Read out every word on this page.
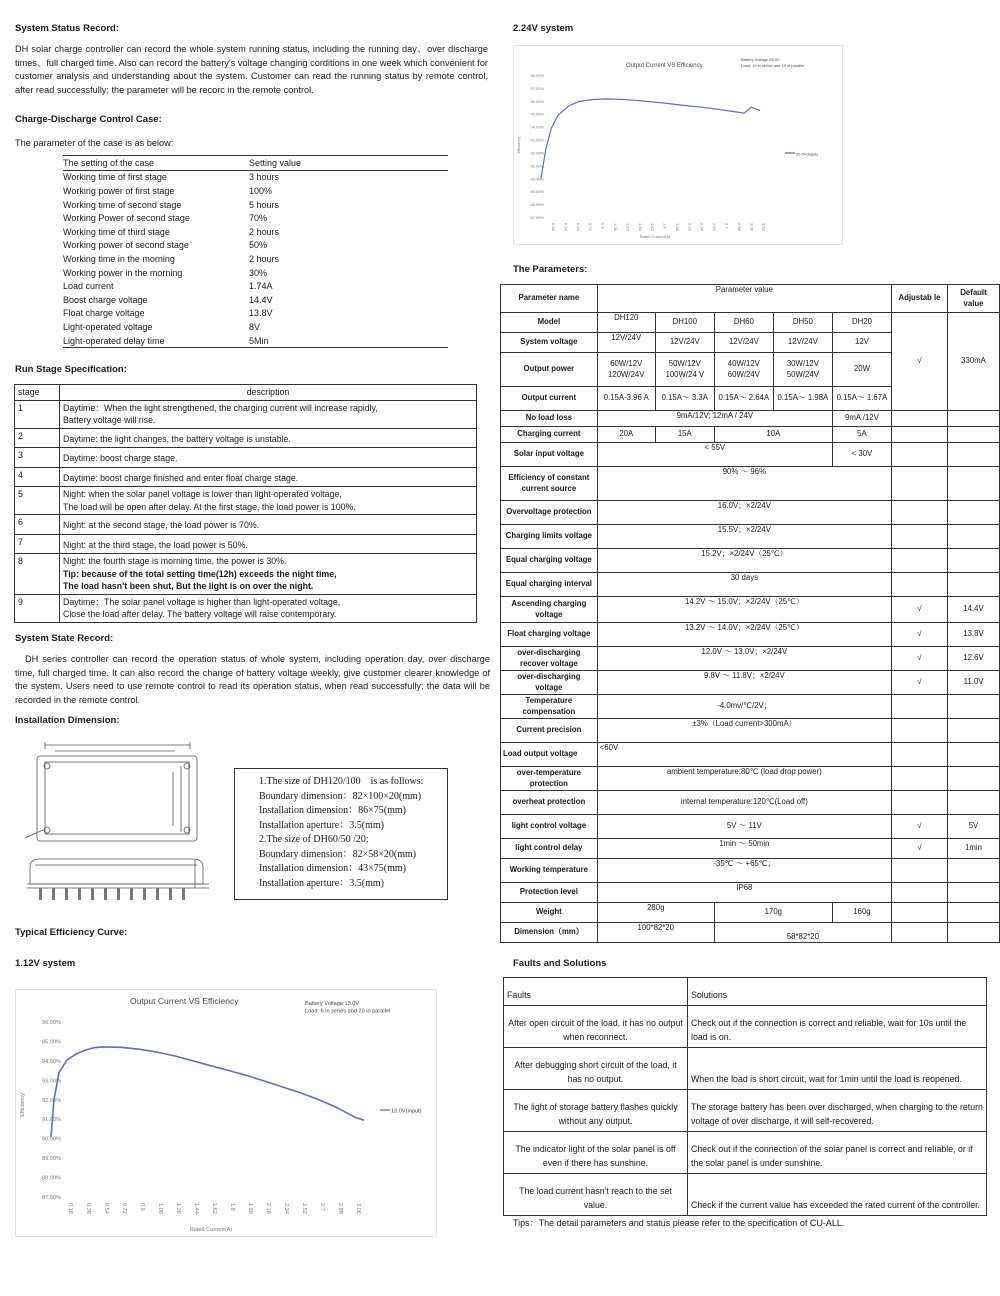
System Status Record:
DH solar charge controller can record the whole system running status, including the running day、over discharge times、full charged time. Also can record the battery's voltage changing corditions in one week which convenient for customer analysis and understanding about the system. Customer can read the running status by remote control, after read successfully; the parameter will be recorc in the remote control.
Charge-Discharge Control Case:
The parameter of the case is as below:
The setting of the case	Setting value
Working time of first stage	3 hours
Working power of first stage	100%
Working time of second stage	5 hours
Working Power of second stage	70%
Working time of third stage	2 hours
Working power of second stage	50%
Working time in the morning	2 hours
Working power in the morning	30%
Load current	1.74A
Boost charge voltage	14.4V
Float charge voltage	13.8V
Light-operated voltage	8V
Light-operated delay time	5Min
Run Stage Specification:
stage	description
1	Daytime：When the light strengthened, the charging current will increase rapidly,
Battery voltage will rise.

2	Daytime: the light changes, the battery voltage is unstable.

3	Daytime: boost charge stage.

4	Daytime: boost charge finished and enter float charge stage.

5	Night: when the solar panel voltage is lower than light-operated voltage,
The load will be open after delay. At the first stage, the load power is 100%.

6	Night: at the second stage, the load power is 70%.

7	Night: at the third stage, the load power is 50%.

8	Night: the fourth stage is morning time, the power is 30%.
Tip: because of the total setting time(12h) exceeds the night time,
The load hasn't been shut, But the light is on over the night.

9	Daytime：The solar panel voltage is higher than light-operated voltage,
Close the load after delay. The battery voltage will raise contemporary.
System State Record:
DH series controller can record the operation status of whole system, including operation day, over discharge time, full charged time. It can also record the change of battery voltage weekly, give customer clearer knowledge of the system. Users need to use remote control to read its operation status, when read successfully; the data will be recorded in the remote control.
Installation Dimension:
1.The size of DH120/100　is as follows:
Boundary dimension：82×100×20(mm)
Installation dimension：86×75(mm)
Installation aperture：3.5(mm)
2.The size of DH60/50 /20:
Boundary dimension：82×58×20(mm)
Installation dimension：43×75(mm)
Installation aperture：3.5(mm)
Typical Efficiency Curve:
1.12V system
Output Current VS Efficiency	Battery Voltage:13.0V
Load: 6 in series and 20 in parallel
87.00%
88.00%
89.00%
90.00%
91.00%
92.00%
93.00%
94.00%
95.00%
96.00%
0.18 0.36 0.54 0.72 0.9 1.08 1.26 1.44 1.62 1.8 1.98 2.16 2.34 2.52 2.7 2.88 3.06
Efficiency
Rated Current(A)
13.0V(input)
2.24V system
Output Current VS Efficiency
Battery Voltage:26.0V
Load: 10 in series and 10 in parallel
87.00%
88.00%
89.00%
90.00%
91.00%
92.00%
93.00%
94.00%
95.00%
96.00%
97.00%
98.00%
0.18 0.36 0.54 0.72 0.9 1.08 1.26 1.44 1.62 1.8 1.98 2.16 2.34 2.52 2.7 2.88 3.06 3.23
Efficiency
Rated Current(A)
26.0V(input)
The Parameters:
Parameter name	Parameter value					Adjustab le	Default value
Model	DH120	DH100	DH60	DH50	DH20	√	330mA
System voltage	12V/24V	12V/24V	12V/24V	12V/24V	12V		
Output power	60W/12V 120W/24V	50W/12V 100W/24 V	40W/12V 60W/24V	30W/12V 50W/24V	20W		
Output current	0.15A-3.96 A	0.15A～ 3.3A	0.15A～ 2.64A	0.15A～ 1.98A	0.15A～ 1.67A		
No load loss	9mA/12V; 12mA / 24V				9mA /12V		
Charging current	20A	15A	10A		5A		
Solar input voltage	< 55V				< 30V		
Efficiency of constant current source	90% ～ 96%						
Overvoltage protection	16.0V；×2/24V						
Charging limits voltage	15.5V；×2/24V						
Equal charging voltage	15.2V；×2/24V（25℃）						
Equal charging interval	30 days						
Ascending charging voltage	14.2V ～ 15.0V；×2/24V（25℃）					√	14.4V
Float charging voltage	13.2V ～ 14.0V；×2/24V（25℃）					√	13.8V
over-discharging recover voltage	12.0V ～ 13.0V；×2/24V					√	12.6V
over-discharging voltage	9.8V ～ 11.8V；×2/24V					√	11.0V
Temperature compensation	-4.0mv/℃/2V；						
Current precision	±3%（Load current>300mA）						
Load output voltage	<60V						
over-temperature protection	ambient temperature:80℃ (load drop power)						
overheat protection	internal temperature:120℃(Load off)						
light control voltage	5V ～ 11V					√	5V
light control delay	1min ～ 50min					√	1min
Working temperature	-35℃ ～ +65℃；						
Protection level	IP68						
Weight	280g		170g		160g		
Dimension（mm）	100*82*20		58*82*20				
Faults and Solutions
Faults	Solutions
After open circuit of the load, it has no output when reconnect.	Check out if the connection is correct and reliable, wait for 10s until the load is on.
After debugging short circuit of the load, it has no output.	When the load is short circuit, wait for 1min until the load is reopened.
The light of storage battery flashes quickly without any output.	The storage battery has been over discharged, when charging to the return voltage of over discharge, it will self-recovered.
The indicator light of the solar panel is off even if there has sunshine.	Check out if the connection of the solar panel is correct and reliable, or if the solar panel is under sunshine.
The load current hasn't reach to the set value.	Check if the current value has exceeded the rated current of the controller.
Tips：The detail parameters and status please refer to the specification of CU-ALL.
